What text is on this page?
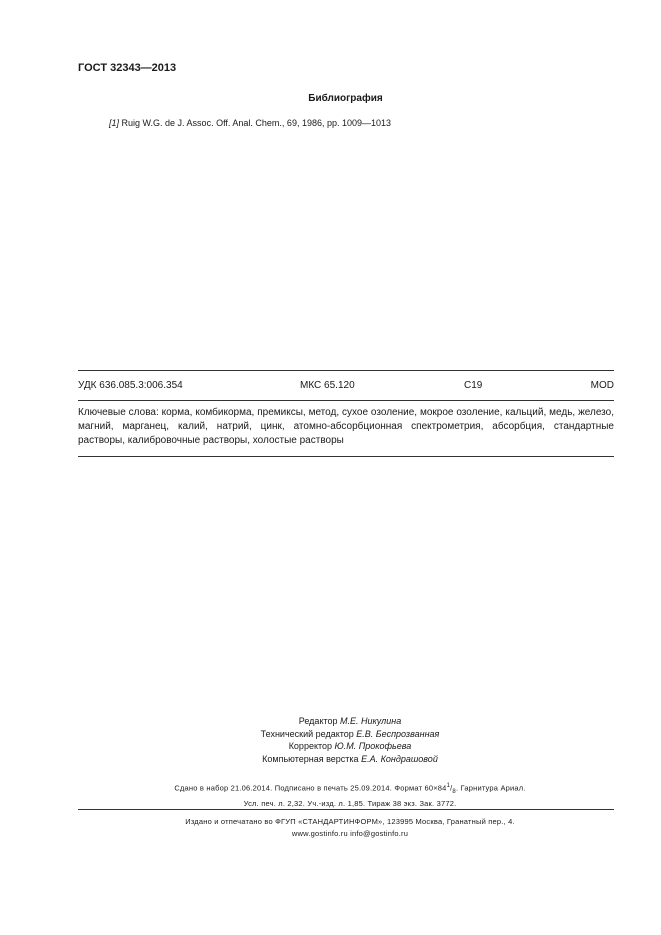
ГОСТ 32343—2013
Библиография
[1] Ruig W.G. de J. Assoc. Off. Anal. Chem., 69, 1986, pp. 1009—1013
УДК 636.085.3:006.354	МКС 65.120	С19	MOD
Ключевые слова: корма, комбикорма, премиксы, метод, сухое озоление, мокрое озоление, кальций, медь, железо, магний, марганец, калий, натрий, цинк, атомно-абсорбционная спектрометрия, абсорбция, стандартные растворы, калибровочные растворы, холостые растворы
Редактор М.Е. Никулина
Технический редактор Е.В. Беспрозванная
Корректор Ю.М. Прокофьева
Компьютерная верстка Е.А. Кондрашовой
Сдано в набор 21.06.2014. Подписано в печать 25.09.2014. Формат $60\times 84^1/_8$. Гарнитура Ариал.
Усл. печ. л. 2,32. Уч.-изд. л. 1,85. Тираж 38 экз. Зак. 3772.
Издано и отпечатано во ФГУП «СТАНДАРТИНФОРМ», 123995 Москва, Гранатный пер., 4.
www.gostinfo.ru info@gostinfo.ru
